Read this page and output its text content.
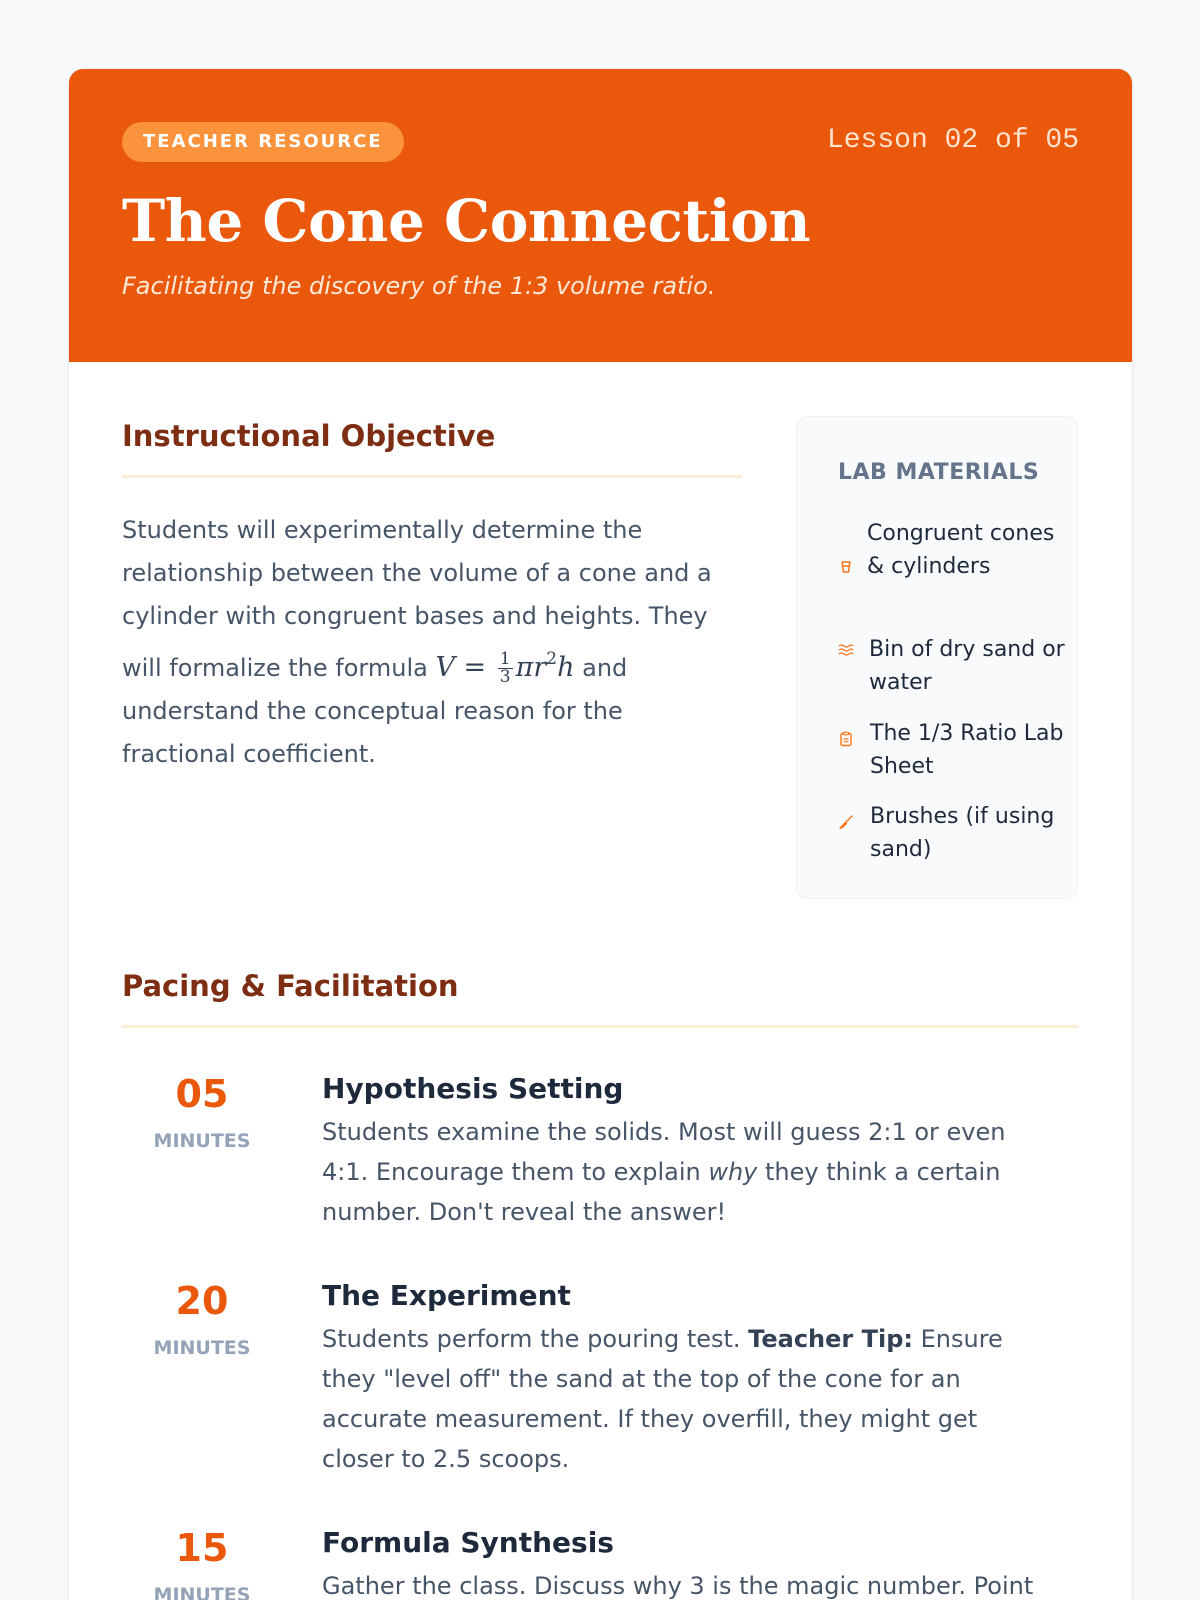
TEACHER RESOURCE	Lesson 02 of 05
The Cone Connection
Facilitating the discovery of the 1:3 volume ratio.
Instructional Objective

Students will experimentally determine the relationship between the volume of a cone and a cylinder with congruent bases and heights. They will formalize the formula $V = \frac{1}{3} \pi r^2h$ and understand the conceptual reason for the fractional coefficient.

LAB MATERIALS
Congruent cones & cylinders
Bin of dry sand or water
The 1/3 Ratio Lab Sheet
Brushes (if using sand)
Pacing & Facilitation
05
MINUTES
Hypothesis Setting

Students examine the solids. Most will guess 2:1 or even 4:1. Encourage them to explain why they think a certain number. Don't reveal the answer!

20
MINUTES
The Experiment

Students perform the pouring test. Teacher Tip: Ensure they "level off" the sand at the top of the cone for an accurate measurement. If they overfill, they might get closer to 2.5 scoops.

15
MINUTES
Formula Synthesis

Gather the class. Discuss why 3 is the magic number. Point
